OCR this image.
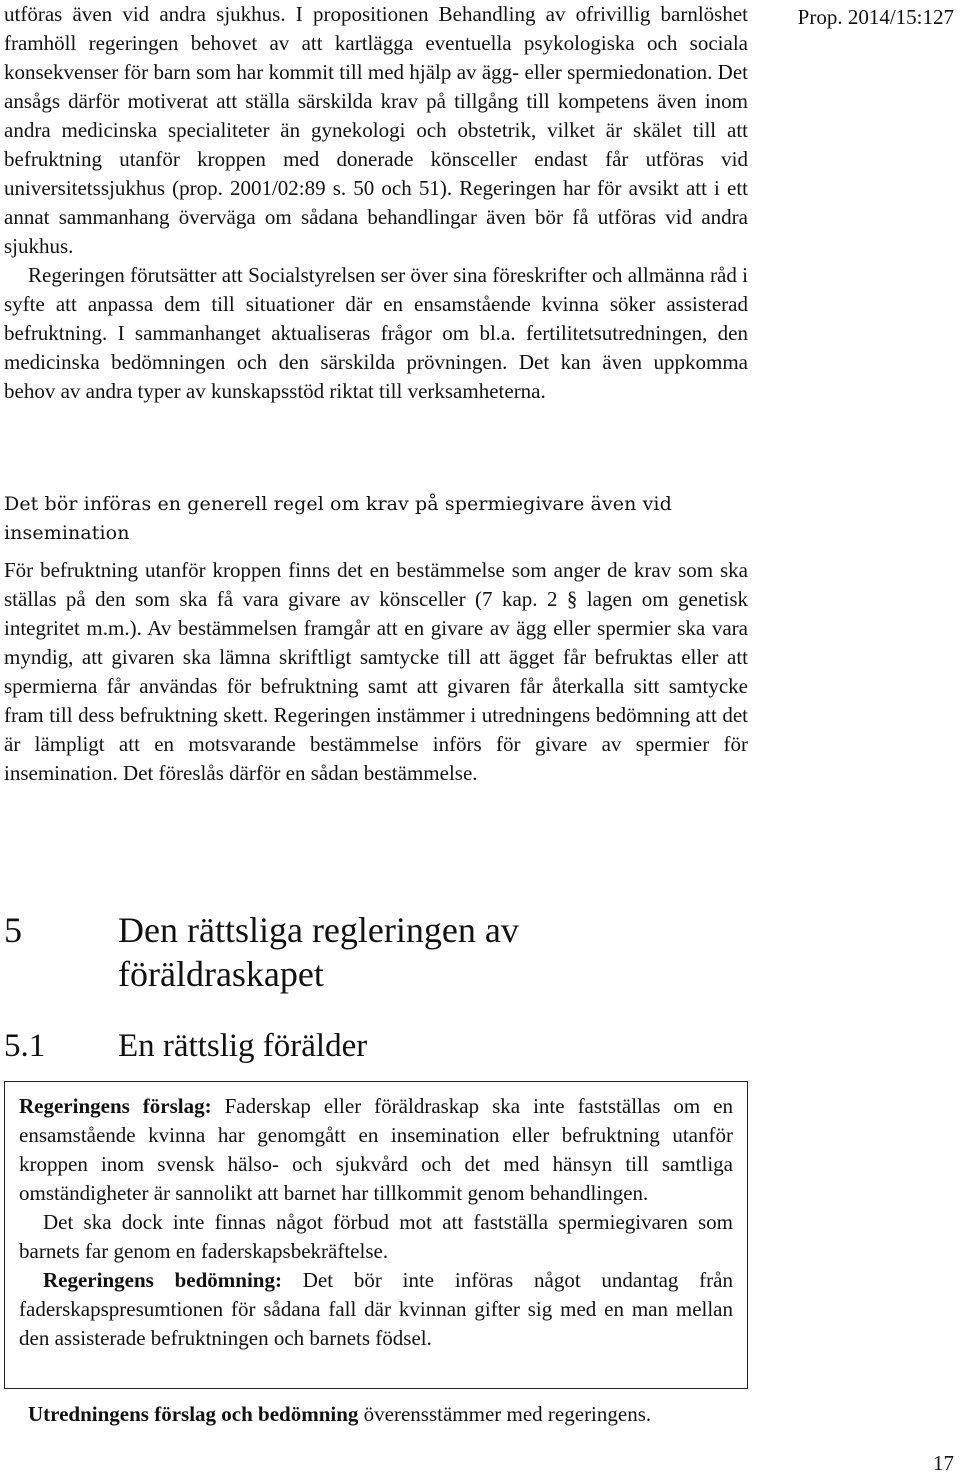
Prop. 2014/15:127

utföras även vid andra sjukhus. I propositionen Behandling av ofrivillig barnlöshet framhöll regeringen behovet av att kartlägga eventuella psykologiska och sociala konsekvenser för barn som har kommit till med hjälp av ägg- eller spermiedonation. Det ansågs därför motiverat att ställa särskilda krav på tillgång till kompetens även inom andra medicinska specialiteter än gynekologi och obstetrik, vilket är skälet till att befruktning utanför kroppen med donerade könsceller endast får utföras vid universitetssjukhus (prop. 2001/02:89 s. 50 och 51). Regeringen har för avsikt att i ett annat sammanhang överväga om sådana behandlingar även bör få utföras vid andra sjukhus.

Regeringen förutsätter att Socialstyrelsen ser över sina föreskrifter och allmänna råd i syfte att anpassa dem till situationer där en ensamstående kvinna söker assisterad befruktning. I sammanhanget aktualiseras frågor om bl.a. fertilitetsutredningen, den medicinska bedömningen och den särskilda prövningen. Det kan även uppkomma behov av andra typer av kunskapsstöd riktat till verksamheterna.

Det bör införas en generell regel om krav på spermiegivare även vid insemination

För befruktning utanför kroppen finns det en bestämmelse som anger de krav som ska ställas på den som ska få vara givare av könsceller (7 kap. 2 § lagen om genetisk integritet m.m.). Av bestämmelsen framgår att en givare av ägg eller spermier ska vara myndig, att givaren ska lämna skriftligt samtycke till att ägget får befruktas eller att spermierna får användas för befruktning samt att givaren får återkalla sitt samtycke fram till dess befruktning skett. Regeringen instämmer i utredningens bedömning att det är lämpligt att en motsvarande bestämmelse införs för givare av spermier för insemination. Det föreslås därför en sådan bestämmelse.

5	Den rättsliga regleringen av föräldraskapet
5.1	En rättslig förälder

Regeringens förslag: Faderskap eller föräldraskap ska inte fastställas om en ensamstående kvinna har genomgått en insemination eller befruktning utanför kroppen inom svensk hälso- och sjukvård och det med hänsyn till samtliga omständigheter är sannolikt att barnet har tillkommit genom behandlingen.

Det ska dock inte finnas något förbud mot att fastställa spermiegivaren som barnets far genom en faderskapsbekräftelse.

Regeringens bedömning: Det bör inte införas något undantag från faderskapspresumtionen för sådana fall där kvinnan gifter sig med en man mellan den assisterade befruktningen och barnets födsel.

Utredningens förslag och bedömning överensstämmer med regeringens.

17
